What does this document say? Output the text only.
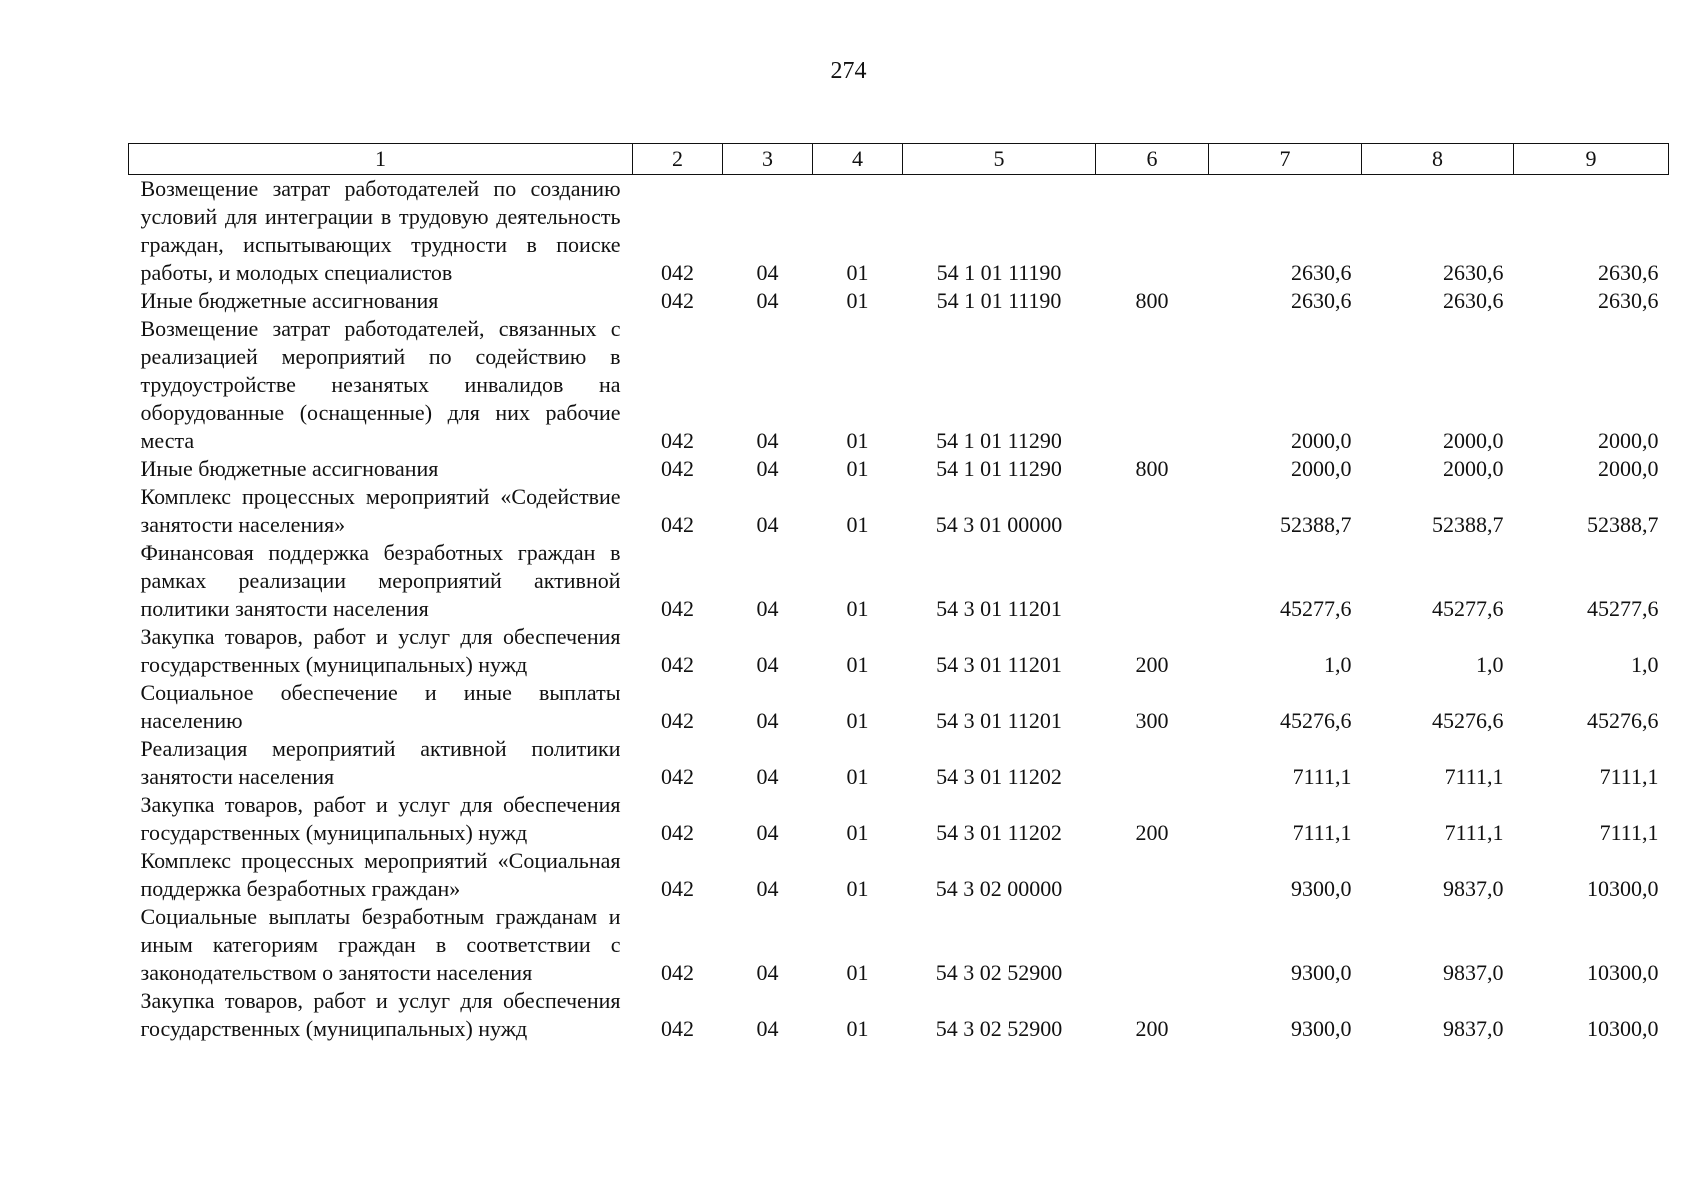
274
1	2	3	4	5	6	7	8	9
Возмещение затрат работодателей по созданию условий для интеграции в трудовую деятельность граждан, испытывающих трудности в поиске работы, и молодых специалистов	042	04	01	54 1 01 11190		2630,6	2630,6	2630,6
Иные бюджетные ассигнования	042	04	01	54 1 01 11190	800	2630,6	2630,6	2630,6
Возмещение затрат работодателей, связанных с реализацией мероприятий по содействию в трудоустройстве незанятых инвалидов на оборудованные (оснащенные) для них рабочие места	042	04	01	54 1 01 11290		2000,0	2000,0	2000,0
Иные бюджетные ассигнования	042	04	01	54 1 01 11290	800	2000,0	2000,0	2000,0
Комплекс процессных мероприятий «Содействие занятости населения»	042	04	01	54 3 01 00000		52388,7	52388,7	52388,7
Финансовая поддержка безработных граждан в рамках реализации мероприятий активной политики занятости населения	042	04	01	54 3 01 11201		45277,6	45277,6	45277,6
Закупка товаров, работ и услуг для обеспечения государственных (муниципальных) нужд	042	04	01	54 3 01 11201	200	1,0	1,0	1,0
Социальное обеспечение и иные выплаты населению	042	04	01	54 3 01 11201	300	45276,6	45276,6	45276,6
Реализация мероприятий активной политики занятости населения	042	04	01	54 3 01 11202		7111,1	7111,1	7111,1
Закупка товаров, работ и услуг для обеспечения государственных (муниципальных) нужд	042	04	01	54 3 01 11202	200	7111,1	7111,1	7111,1
Комплекс процессных мероприятий «Социальная поддержка безработных граждан»	042	04	01	54 3 02 00000		9300,0	9837,0	10300,0
Социальные выплаты безработным гражданам и иным категориям граждан в соответствии с законодательством о занятости населения	042	04	01	54 3 02 52900		9300,0	9837,0	10300,0
Закупка товаров, работ и услуг для обеспечения государственных (муниципальных) нужд	042	04	01	54 3 02 52900	200	9300,0	9837,0	10300,0
